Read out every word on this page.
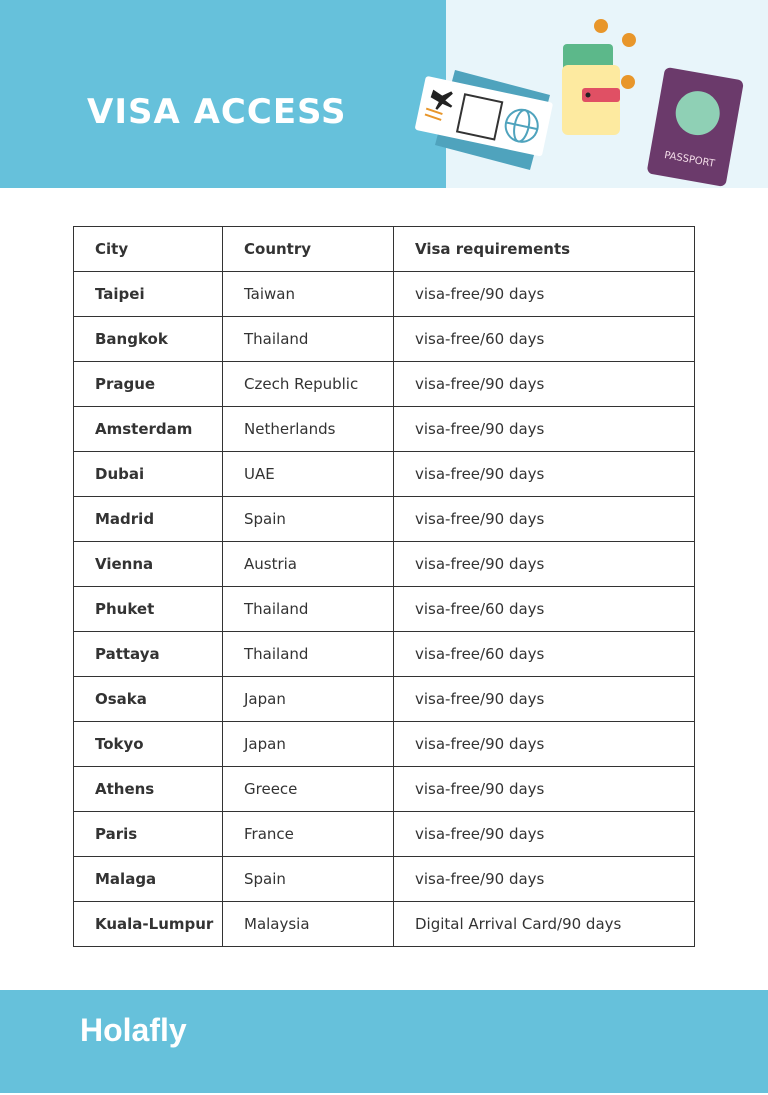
VISA ACCESS
PASSPORT
City	Country	Visa requirements
Taipei	Taiwan	visa-free/90 days
Bangkok	Thailand	visa-free/60 days
Prague	Czech Republic	visa-free/90 days
Amsterdam	Netherlands	visa-free/90 days
Dubai	UAE	visa-free/90 days
Madrid	Spain	visa-free/90 days
Vienna	Austria	visa-free/90 days
Phuket	Thailand	visa-free/60 days
Pattaya	Thailand	visa-free/60 days
Osaka	Japan	visa-free/90 days
Tokyo	Japan	visa-free/90 days
Athens	Greece	visa-free/90 days
Paris	France	visa-free/90 days
Malaga	Spain	visa-free/90 days
Kuala-Lumpur	Malaysia	Digital Arrival Card/90 days
Holafly
